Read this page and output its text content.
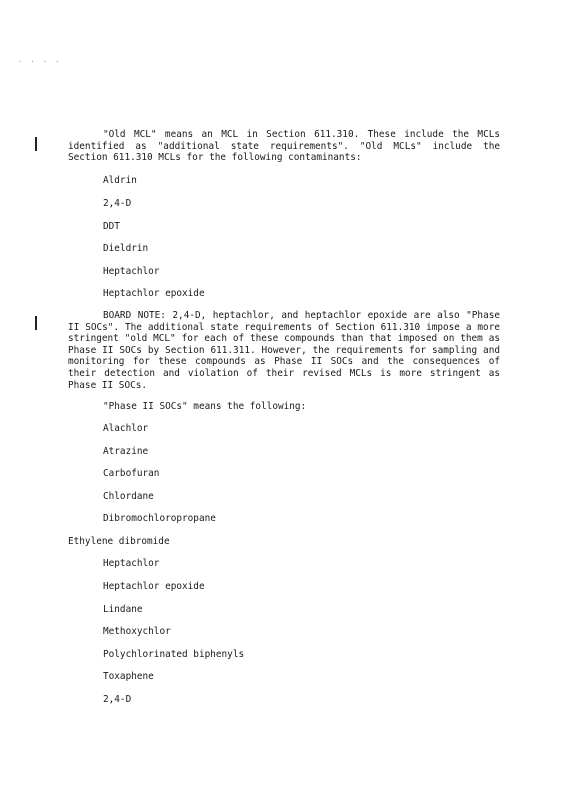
· · · ·
"Old MCL" means an MCL in Section 611.310. These include the MCLs identified as "additional state requirements". "Old MCLs" include the Section 611.310 MCLs for the following contaminants:
Aldrin
2,4-D
DDT
Dieldrin
Heptachlor
Heptachlor epoxide
BOARD NOTE: 2,4-D, heptachlor, and heptachlor epoxide are also "Phase II SOCs". The additional state requirements of Section 611.310 impose a more stringent "old MCL" for each of these compounds than that imposed on them as Phase II SOCs by Section 611.311. However, the requirements for sampling and monitoring for these compounds as Phase II SOCs and the consequences of their detection and violation of their revised MCLs is more stringent as Phase II SOCs.
"Phase II SOCs" means the following:
Alachlor
Atrazine
Carbofuran
Chlordane
Dibromochloropropane
Ethylene dibromide
Heptachlor
Heptachlor epoxide
Lindane
Methoxychlor
Polychlorinated biphenyls
Toxaphene
2,4-D
